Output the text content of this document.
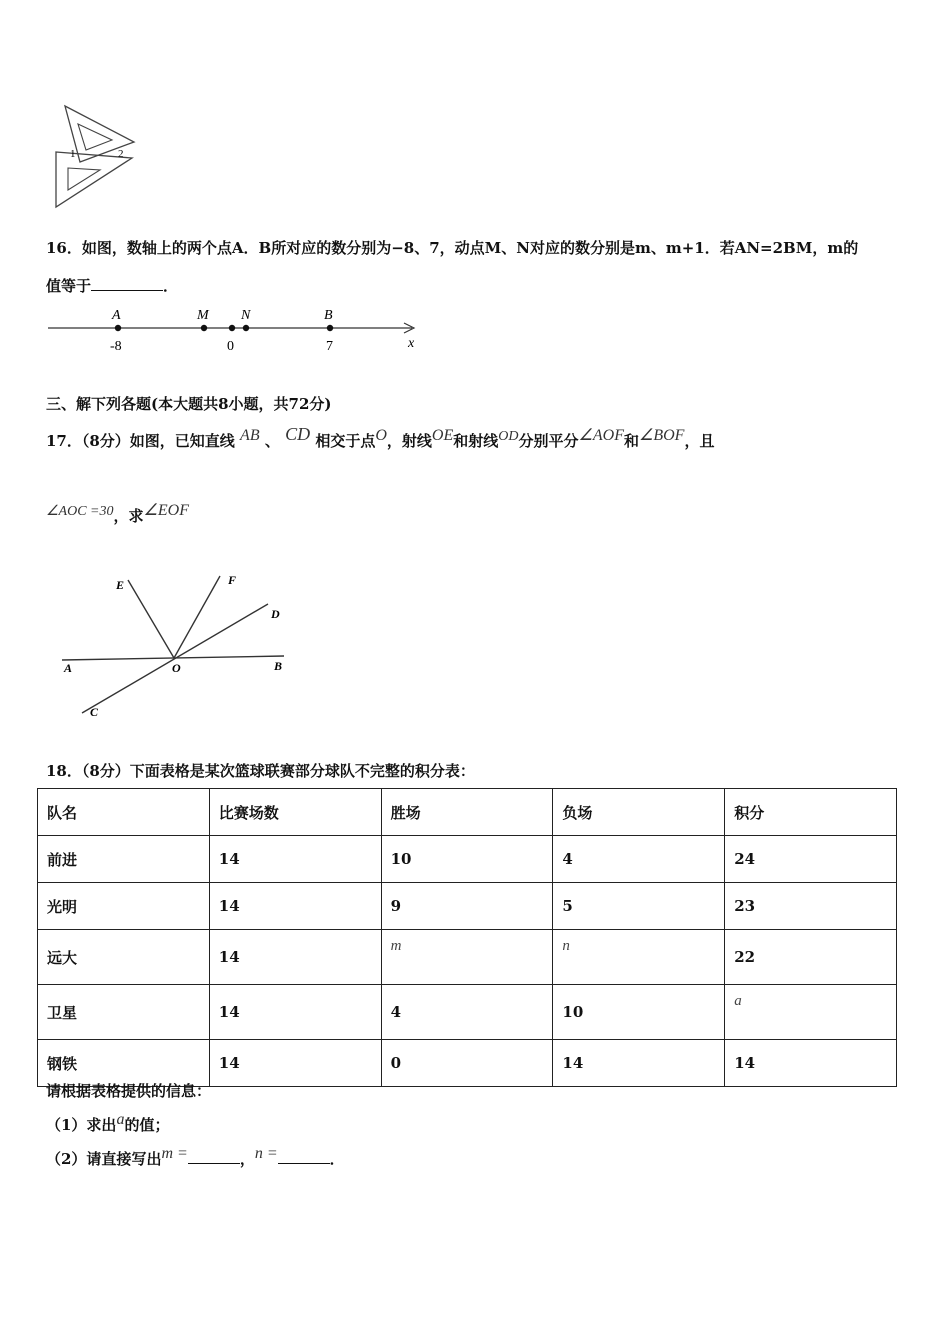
1	2
16．如图，数轴上的两个点A．B所对应的数分别为−8、7，动点M、N对应的数分别是m、m+1．若AN=2BM，m的
值等于	．
A	M N	B
-8	0	7	x
三、解下列各题(本大题共8小题，共72分)
17．（8分）如图，已知直线 AB 、 CD 相交于点O，射线OE和射线OD分别平分∠AOF和∠BOF，且
∠AOC =30，求∠EOF
E	F
D
A	O	B
C
18．（8分）下面表格是某次篮球联赛部分球队不完整的积分表：
队名	比赛场数	胜场	负场	积分
前进	14	10	4	24
光明	14	9	5	23
远大	14	m	n	22
卫星	14	4	10	a
钢铁	14	0	14	14
请根据表格提供的信息：
（1）求出a的值；
（2）请直接写出m =	，n =	．
